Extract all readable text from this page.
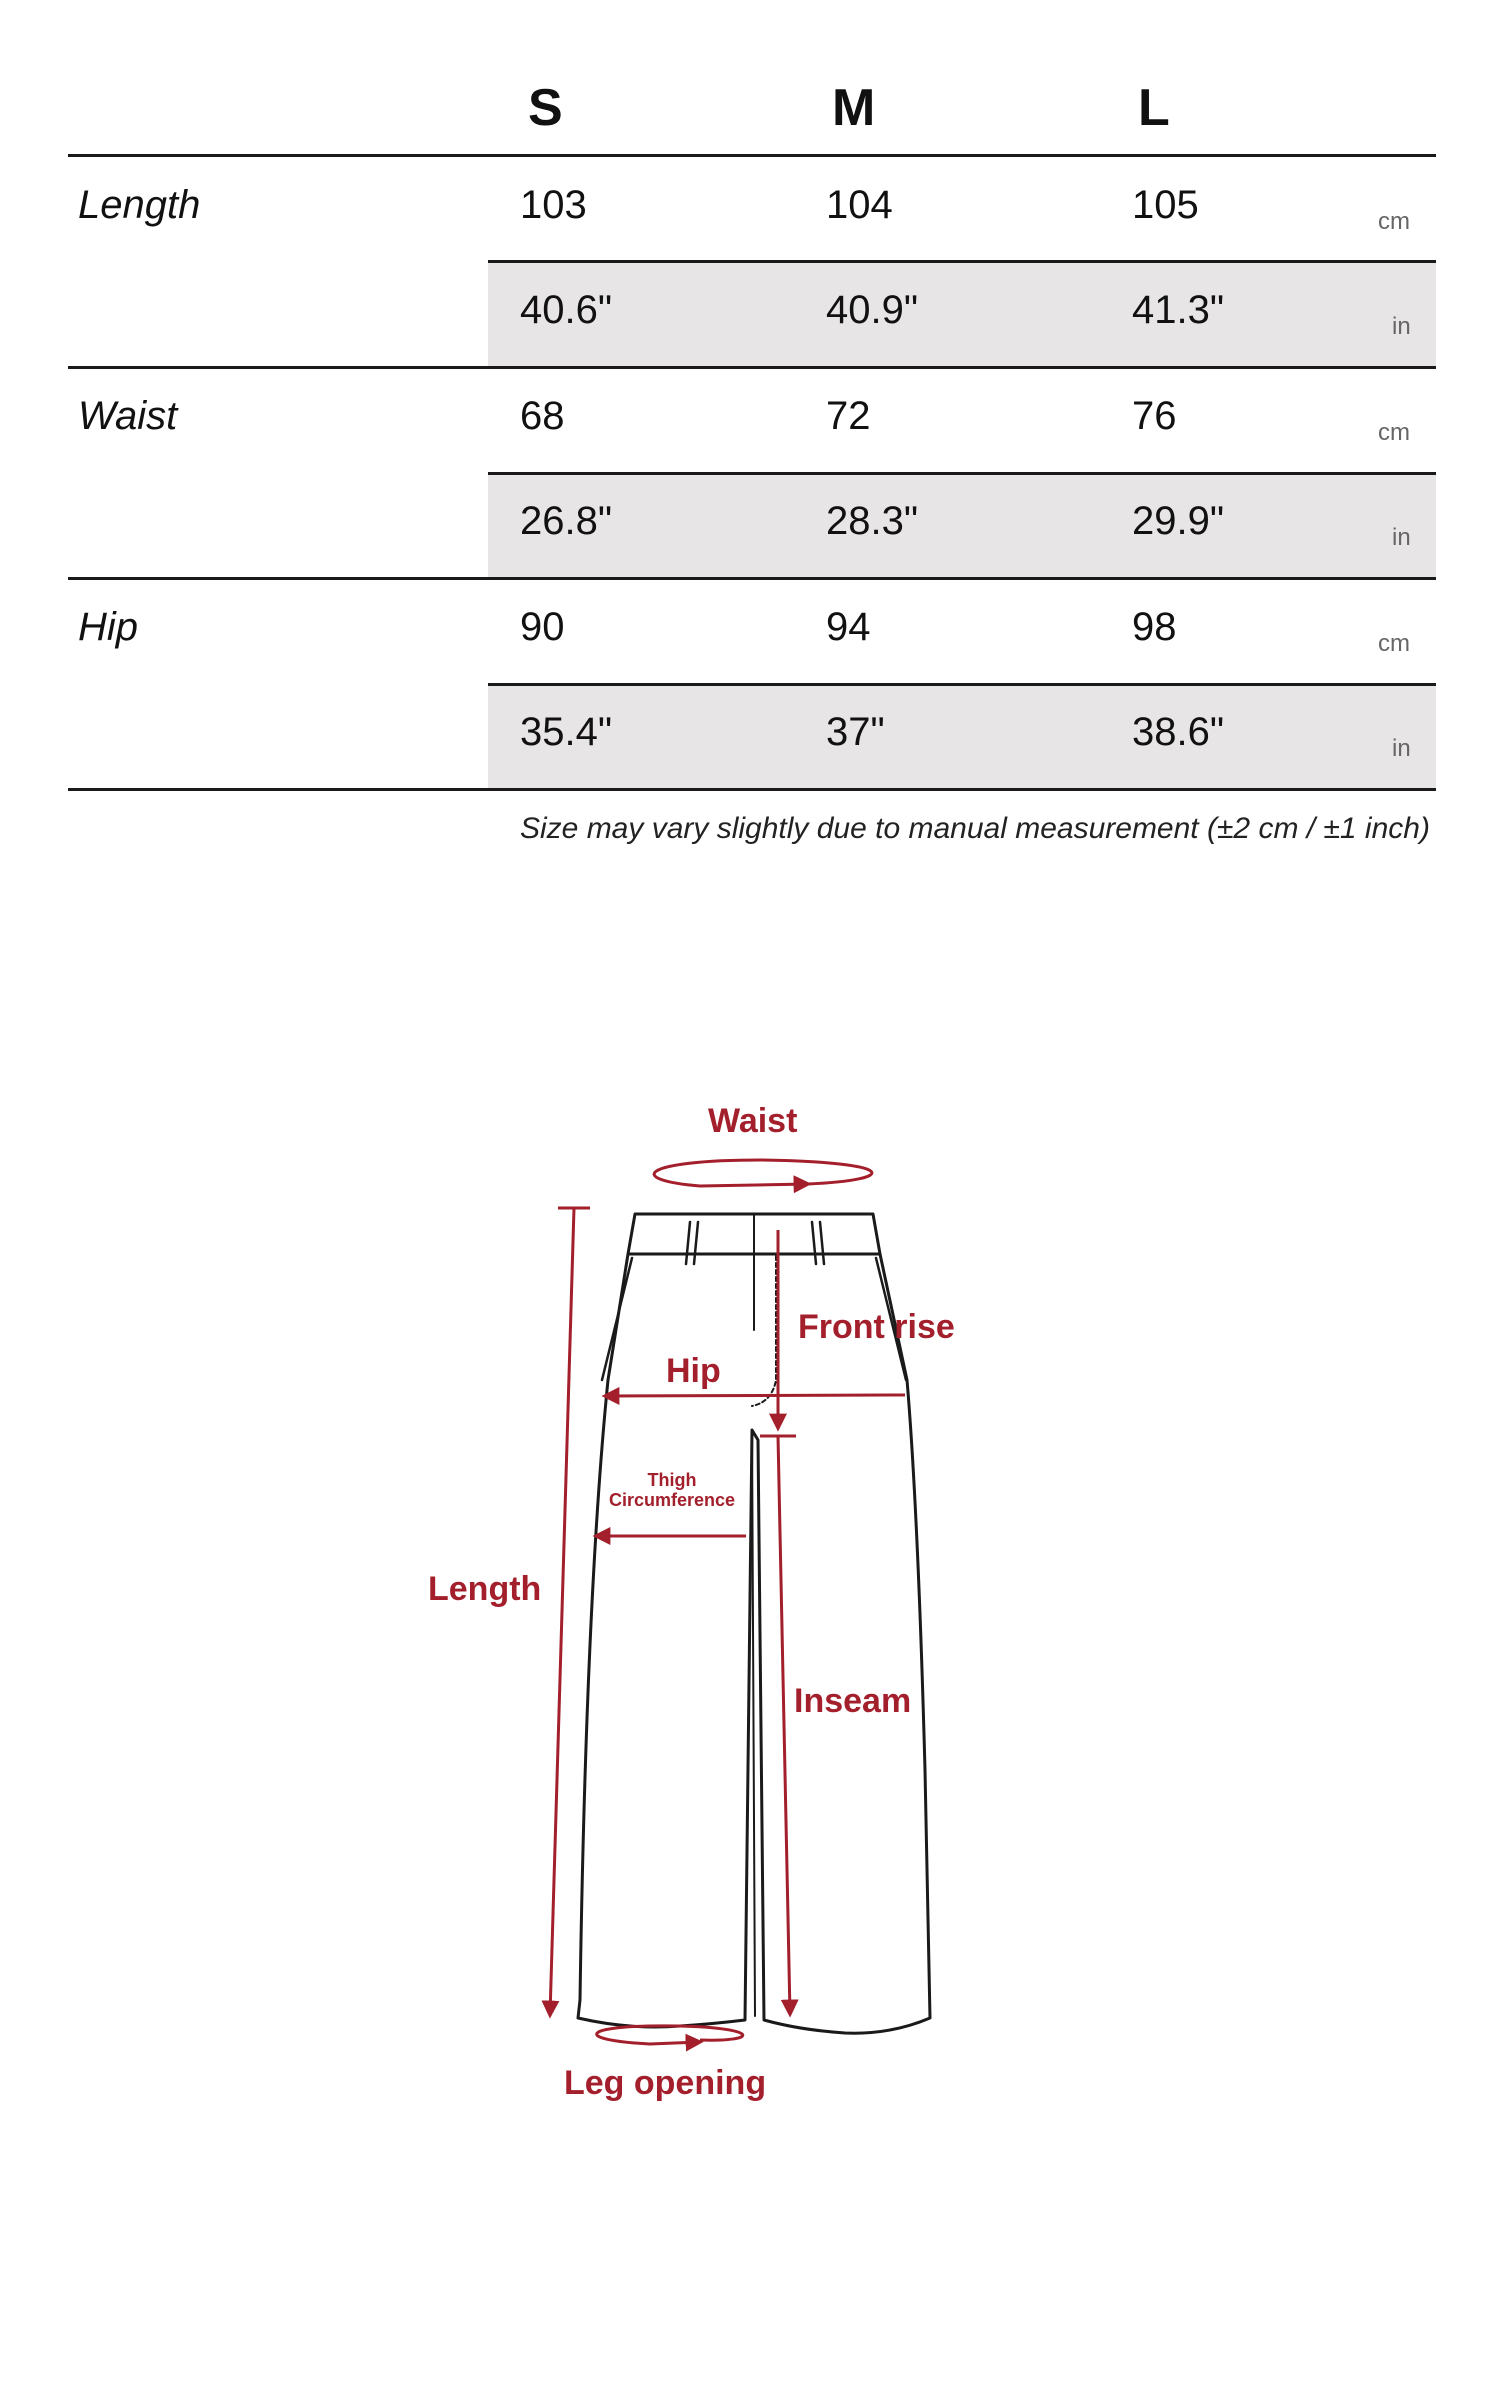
S	M	L
Length	103	104	105	cm
40.6"	40.9"	41.3"	in
Waist	68	72	76	cm
26.8"	28.3"	29.9"	in
Hip	90	94	98	cm
35.4"	37"	38.6"	in
Size may vary slightly due to manual measurement (±2 cm / ±1 inch)
Waist
Front rise
Hip
Thigh
Circumference
Length
Inseam
Leg opening
